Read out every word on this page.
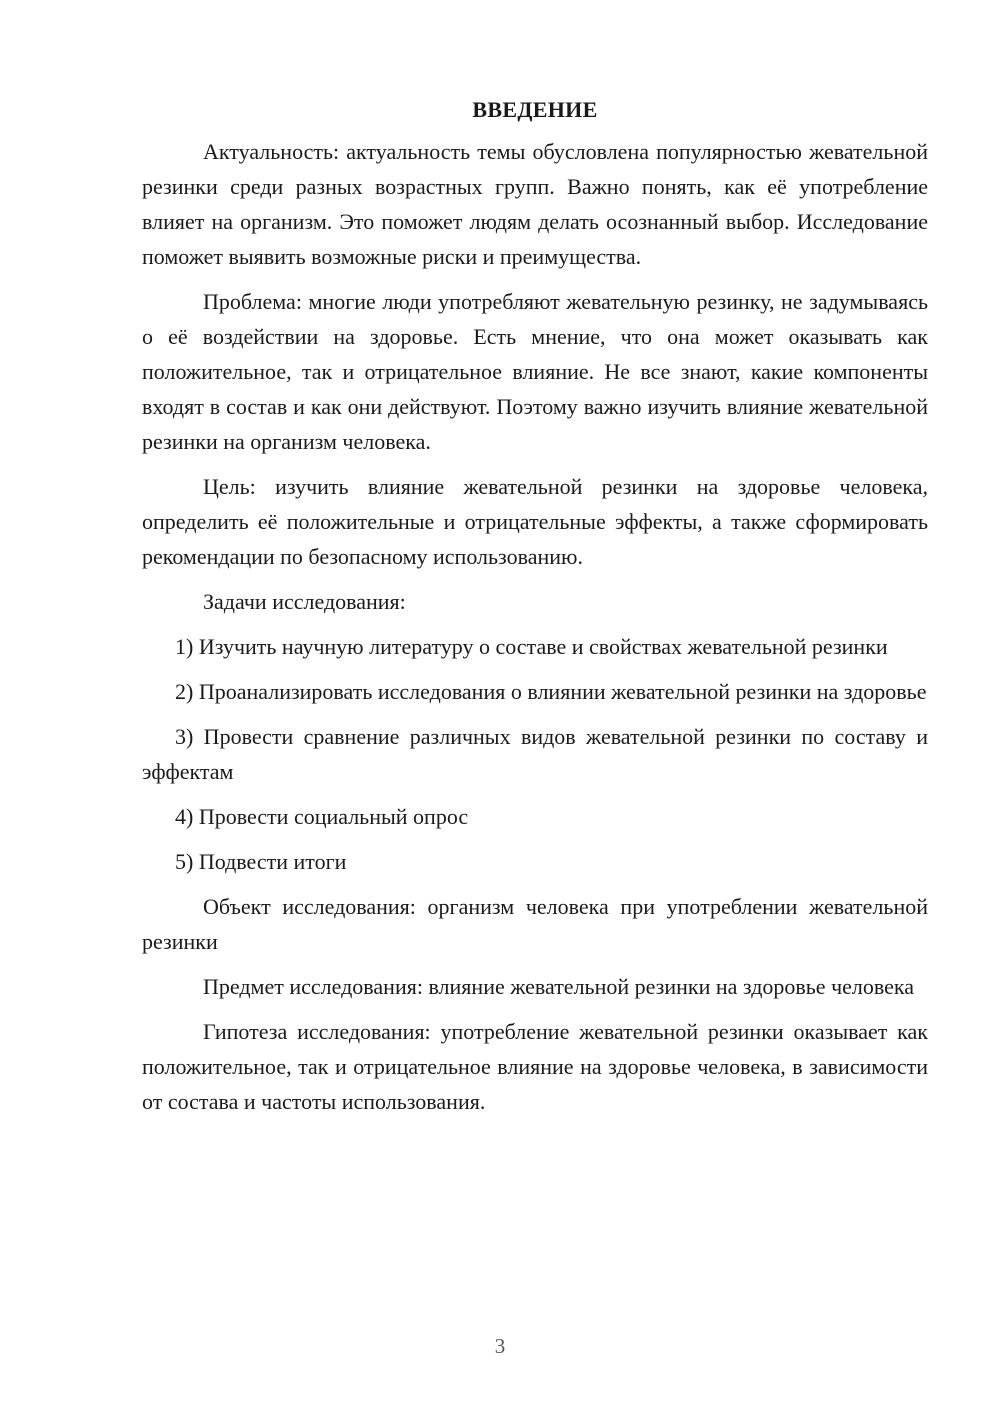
ВВЕДЕНИЕ

Актуальность: актуальность темы обусловлена популярностью жевательной резинки среди разных возрастных групп. Важно понять, как её употребление влияет на организм. Это поможет людям делать осознанный выбор. Исследование поможет выявить возможные риски и преимущества.

Проблема: многие люди употребляют жевательную резинку, не задумываясь о её воздействии на здоровье. Есть мнение, что она может оказывать как положительное, так и отрицательное влияние. Не все знают, какие компоненты входят в состав и как они действуют. Поэтому важно изучить влияние жевательной резинки на организм человека.

Цель: изучить влияние жевательной резинки на здоровье человека, определить её положительные и отрицательные эффекты, а также сформировать рекомендации по безопасному использованию.

Задачи исследования:

1) Изучить научную литературу о составе и свойствах жевательной резинки

2) Проанализировать исследования о влиянии жевательной резинки на здоровье

3) Провести сравнение различных видов жевательной резинки по составу и эффектам

4) Провести социальный опрос

5) Подвести итоги

Объект исследования: организм человека при употреблении жевательной резинки

Предмет исследования: влияние жевательной резинки на здоровье человека

Гипотеза исследования: употребление жевательной резинки оказывает как положительное, так и отрицательное влияние на здоровье человека, в зависимости от состава и частоты использования.

3
